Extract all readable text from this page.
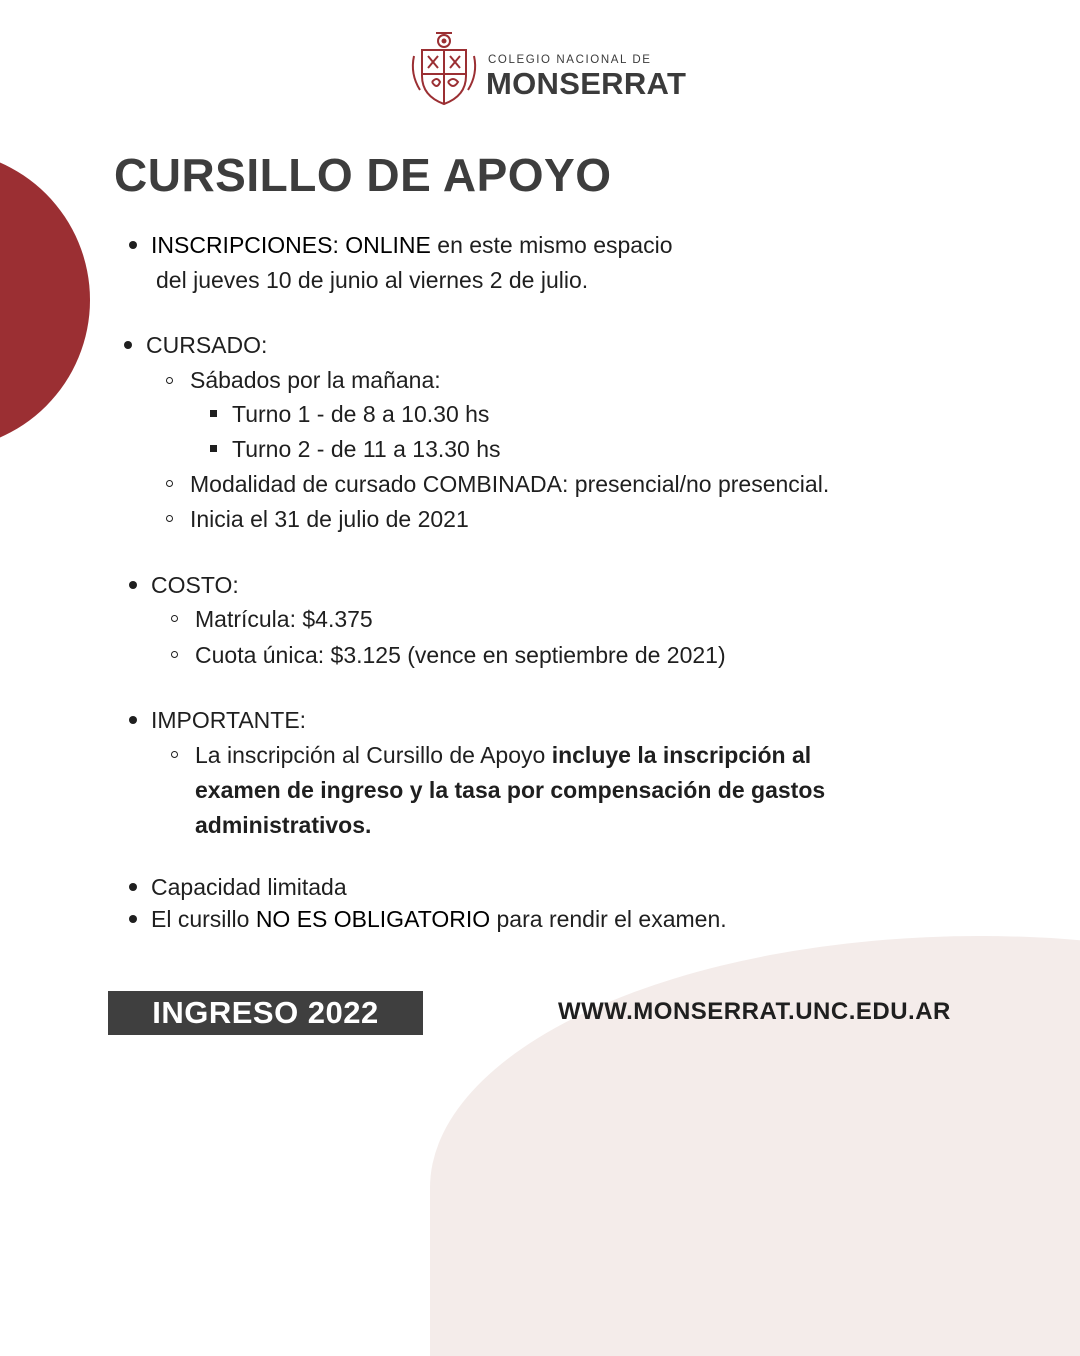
COLEGIO NACIONAL DE
MONSERRAT
CURSILLO DE APOYO
INSCRIPCIONES: ONLINE en este mismo espacio
del jueves 10 de junio al viernes 2 de julio.
CURSADO:
Sábados por la mañana:
Turno 1 - de 8 a 10.30 hs
Turno 2 - de 11 a 13.30 hs
Modalidad de cursado COMBINADA: presencial/no presencial.
Inicia el 31 de julio de 2021
COSTO:
Matrícula: $4.375
Cuota única: $3.125 (vence en septiembre de 2021)
IMPORTANTE:
La inscripción al Cursillo de Apoyo incluye la inscripción al
examen de ingreso y la tasa por compensación de gastos
administrativos.
Capacidad limitada
El cursillo NO ES OBLIGATORIO para rendir el examen.
INGRESO 2022	WWW.MONSERRAT.UNC.EDU.AR
